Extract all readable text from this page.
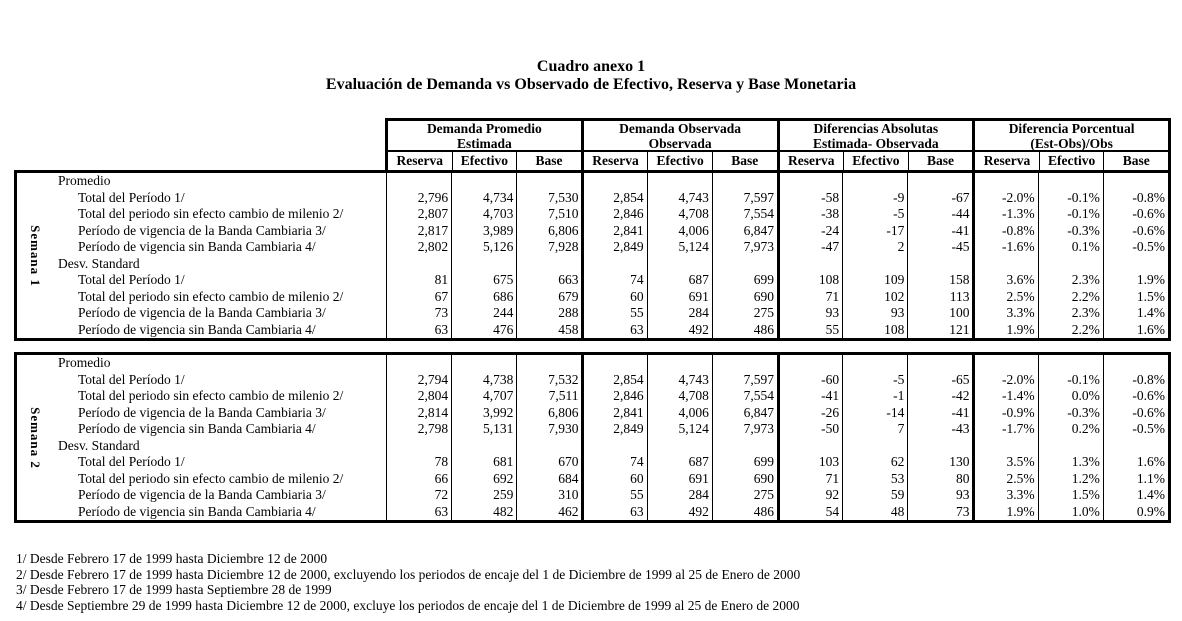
Cuadro anexo 1
Evaluación de Demanda vs Observado de Efectivo, Reserva y Base Monetaria
Demanda Promedio
Estimada
Reserva	Efectivo	Base
Demanda Observada
Observada
Reserva	Efectivo	Base
Diferencias Absolutas
Estimada- Observada
Reserva	Efectivo	Base
Diferencia Porcentual
(Est-Obs)/Obs
Reserva	Efectivo	Base
Semana 1
Promedio
Total del Período 1/	2,796	4,734	7,530	2,854	4,743	7,597	-58	-9	-67	-2.0%	-0.1%	-0.8%
Total del periodo sin efecto cambio de milenio 2/	2,807	4,703	7,510	2,846	4,708	7,554	-38	-5	-44	-1.3%	-0.1%	-0.6%
Período de vigencia de la Banda Cambiaria 3/	2,817	3,989	6,806	2,841	4,006	6,847	-24	-17	-41	-0.8%	-0.3%	-0.6%
Período de vigencia sin Banda Cambiaria 4/	2,802	5,126	7,928	2,849	5,124	7,973	-47	2	-45	-1.6%	0.1%	-0.5%
Desv. Standard
Total del Período 1/	81	675	663	74	687	699	108	109	158	3.6%	2.3%	1.9%
Total del periodo sin efecto cambio de milenio 2/	67	686	679	60	691	690	71	102	113	2.5%	2.2%	1.5%
Período de vigencia de la Banda Cambiaria 3/	73	244	288	55	284	275	93	93	100	3.3%	2.3%	1.4%
Período de vigencia sin Banda Cambiaria 4/	63	476	458	63	492	486	55	108	121	1.9%	2.2%	1.6%
Semana 2
Promedio
Total del Período 1/	2,794	4,738	7,532	2,854	4,743	7,597	-60	-5	-65	-2.0%	-0.1%	-0.8%
Total del periodo sin efecto cambio de milenio 2/	2,804	4,707	7,511	2,846	4,708	7,554	-41	-1	-42	-1.4%	0.0%	-0.6%
Período de vigencia de la Banda Cambiaria 3/	2,814	3,992	6,806	2,841	4,006	6,847	-26	-14	-41	-0.9%	-0.3%	-0.6%
Período de vigencia sin Banda Cambiaria 4/	2,798	5,131	7,930	2,849	5,124	7,973	-50	7	-43	-1.7%	0.2%	-0.5%
Desv. Standard
Total del Período 1/	78	681	670	74	687	699	103	62	130	3.5%	1.3%	1.6%
Total del periodo sin efecto cambio de milenio 2/	66	692	684	60	691	690	71	53	80	2.5%	1.2%	1.1%
Período de vigencia de la Banda Cambiaria 3/	72	259	310	55	284	275	92	59	93	3.3%	1.5%	1.4%
Período de vigencia sin Banda Cambiaria 4/	63	482	462	63	492	486	54	48	73	1.9%	1.0%	0.9%
1/ Desde Febrero 17 de 1999 hasta Diciembre 12 de 2000
2/ Desde Febrero 17 de 1999 hasta Diciembre 12 de 2000, excluyendo los periodos de encaje del 1 de Diciembre de 1999 al 25 de Enero de 2000
3/ Desde Febrero 17 de 1999 hasta Septiembre 28 de 1999
4/ Desde Septiembre 29 de 1999 hasta Diciembre 12 de 2000, excluye los periodos de encaje del 1 de Diciembre de 1999 al 25 de Enero de 2000
